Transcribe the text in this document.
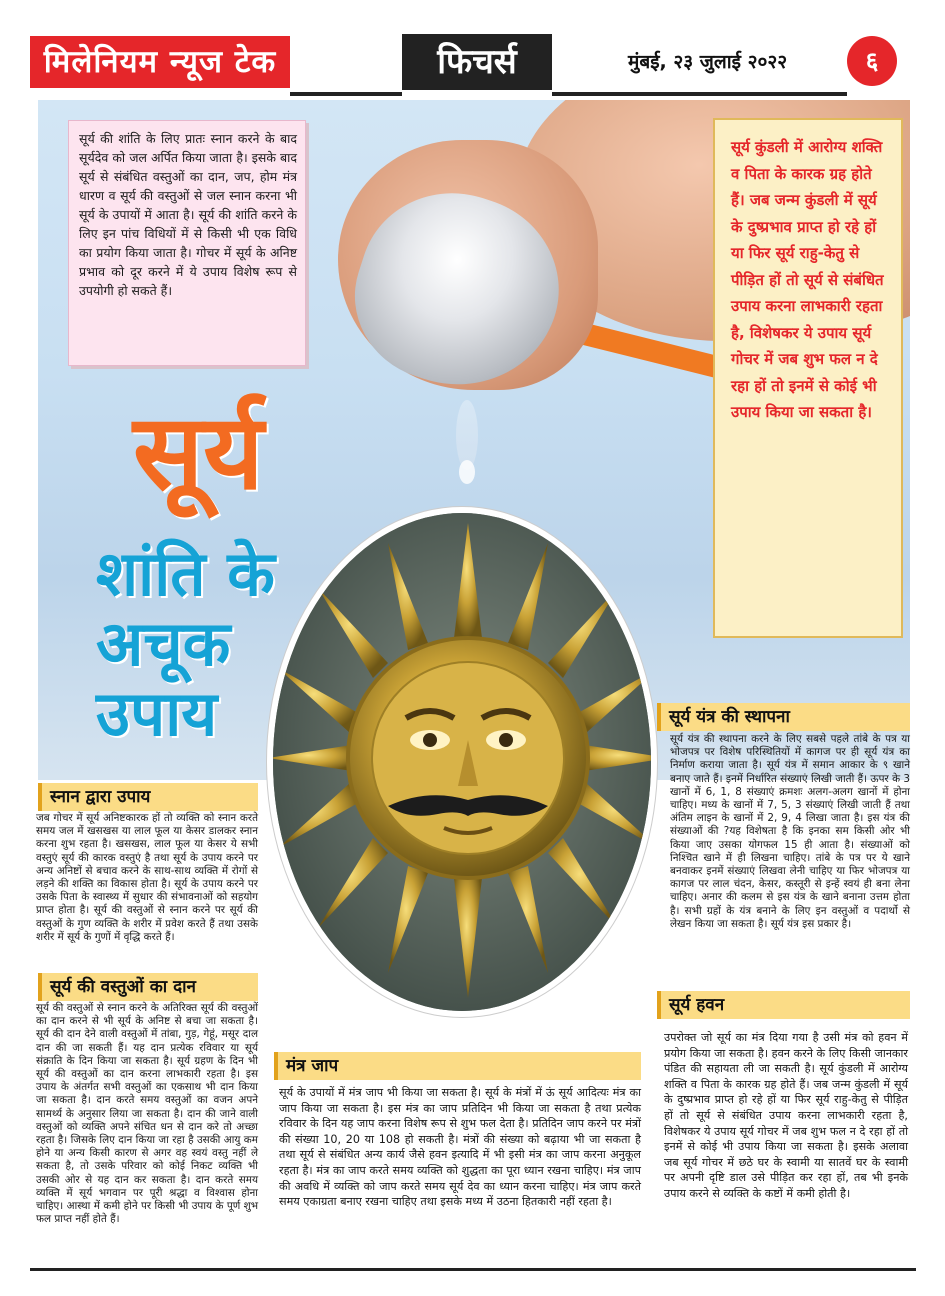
मिलेनियम न्यूज टेक	फिचर्स	मुंबई, २३ जुलाई २०२२	६

सूर्य की शांति के लिए प्रातः स्नान करने के बाद सूर्यदेव को जल अर्पित किया जाता है। इसके बाद सूर्य से संबंधित वस्तुओं का दान, जप, होम मंत्र धारण व सूर्य की वस्तुओं से जल स्नान करना भी सूर्य के उपायों में आता है। सूर्य की शांति करने के लिए इन पांच विधियों में से किसी भी एक विधि का प्रयोग किया जाता है। गोचर में सूर्य के अनिष्ट प्रभाव को दूर करने में ये उपाय विशेष रूप से उपयोगी हो सकते हैं।

सूर्य
शांति के
अचूक
उपाय

सूर्य कुंडली में आरोग्य शक्ति व पिता के कारक ग्रह होते हैं। जब जन्म कुंडली में सूर्य के दुष्प्रभाव प्राप्त हो रहे हों या फिर सूर्य राहु-केतु से पीड़ित हों तो सूर्य से संबंधित उपाय करना लाभकारी रहता है, विशेषकर ये उपाय सूर्य गोचर में जब शुभ फल न दे रहा हों तो इनमें से कोई भी उपाय किया जा सकता है।

स्नान द्वारा उपाय
जब गोचर में सूर्य अनिष्टकारक हों तो व्यक्ति को स्नान करते समय जल में खसखस या लाल फूल या केसर डालकर स्नान करना शुभ रहता है। खसखस, लाल फूल या केसर ये सभी वस्तुएं सूर्य की कारक वस्तुएं है तथा सूर्य के उपाय करने पर अन्य अनिष्टों से बचाव करने के साथ-साथ व्यक्ति में रोगों से लड़ने की शक्ति का विकास होता है। सूर्य के उपाय करने पर उसके पिता के स्वास्थ्य में सुधार की संभावनाओं को सहयोग प्राप्त होता है। सूर्य की वस्तुओं से स्नान करने पर सूर्य की वस्तुओं के गुण व्यक्ति के शरीर में प्रवेश करते हैं तथा उसके शरीर में सूर्य के गुणों में वृद्धि करते हैं।
सूर्य की वस्तुओं का दान
सूर्य की वस्तुओं से स्नान करने के अतिरिक्त सूर्य की वस्तुओं का दान करने से भी सूर्य के अनिष्ट से बचा जा सकता है। सूर्य की दान देने वाली वस्तुओं में तांबा, गुड़, गेहूं, मसूर दाल दान की जा सकती हैं। यह दान प्रत्येक रविवार या सूर्य संक्राति के दिन किया जा सकता है। सूर्य ग्रहण के दिन भी सूर्य की वस्तुओं का दान करना लाभकारी रहता है। इस उपाय के अंतर्गत सभी वस्तुओं का एकसाथ भी दान किया जा सकता है। दान करते समय वस्तुओं का वजन अपने सामर्थ्य के अनुसार लिया जा सकता है। दान की जाने वाली वस्तुओं को व्यक्ति अपने संचित धन से दान करे तो अच्छा रहता है। जिसके लिए दान किया जा रहा है उसकी आयु कम होने या अन्य किसी कारण से अगर वह स्वयं वस्तु नहीं ले सकता है, तो उसके परिवार को कोई निकट व्यक्ति भी उसकी ओर से यह दान कर सकता है। दान करते समय व्यक्ति में सूर्य भगवान पर पूरी श्रद्धा व विश्वास होना चाहिए। आस्था में कमी होने पर किसी भी उपाय के पूर्ण शुभ फल प्राप्त नहीं होते हैं।
सूर्य यंत्र की स्थापना
सूर्य यंत्र की स्थापना करने के लिए सबसे पहले तांबे के पत्र या भोजपत्र पर विशेष परिस्थितियों में कागज पर ही सूर्य यंत्र का निर्माण कराया जाता है। सूर्य यंत्र में समान आकार के ९ खाने बनाए जाते हैं। इनमें निर्धारित संख्याएं लिखी जाती हैं। ऊपर के 3 खानों में 6, 1, 8 संख्याएं क्रमशः अलग-अलग खानों में होना चाहिए। मध्य के खानों में 7, 5, 3 संख्याएं लिखी जाती हैं तथा अंतिम लाइन के खानों में 2, 9, 4 लिखा जाता है। इस यंत्र की संख्याओं की ?यह विशेषता है कि इनका सम किसी ओर भी किया जाए उसका योगफल 15 ही आता है। संख्याओं को निश्चित खाने में ही लिखना चाहिए। तांबे के पत्र पर ये खाने बनवाकर इनमें संख्याएं लिखवा लेनी चाहिए या फिर भोजपत्र या कागज पर लाल चंदन, केसर, कस्तूरी से इन्हें स्वयं ही बना लेना चाहिए। अनार की कलम से इस यंत्र के खाने बनाना उत्तम होता है। सभी ग्रहों के यंत्र बनाने के लिए इन वस्तुओं व पदार्थो से लेखन किया जा सकता है। सूर्य यंत्र इस प्रकार है।
सूर्य हवन
उपरोक्त जो सूर्य का मंत्र दिया गया है उसी मंत्र को हवन में प्रयोग किया जा सकता है। हवन करने के लिए किसी जानकार पंडित की सहायता ली जा सकती है। सूर्य कुंडली में आरोग्य शक्ति व पिता के कारक ग्रह होते हैं। जब जन्म कुंडली में सूर्य के दुष्प्रभाव प्राप्त हो रहे हों या फिर सूर्य राहु-केतु से पीड़ित हों तो सूर्य से संबंधित उपाय करना लाभकारी रहता है, विशेषकर ये उपाय सूर्य गोचर में जब शुभ फल न दे रहा हों तो इनमें से कोई भी उपाय किया जा सकता है। इसके अलावा जब सूर्य गोचर में छठे घर के स्वामी या सातवें घर के स्वामी पर अपनी दृष्टि डाल उसे पीड़ित कर रहा हों, तब भी इनके उपाय करने से व्यक्ति के कष्टों में कमी होती है।
मंत्र जाप
सूर्य के उपायों में मंत्र जाप भी किया जा सकता है। सूर्य के मंत्रों में ऊं सूर्य आदित्यः मंत्र का जाप किया जा सकता है। इस मंत्र का जाप प्रतिदिन भी किया जा सकता है तथा प्रत्येक रविवार के दिन यह जाप करना विशेष रूप से शुभ फल देता है। प्रतिदिन जाप करने पर मंत्रों की संख्या 10, 20 या 108 हो सकती है। मंत्रों की संख्या को बढ़ाया भी जा सकता है तथा सूर्य से संबंधित अन्य कार्य जैसे हवन इत्यादि में भी इसी मंत्र का जाप करना अनुकूल रहता है। मंत्र का जाप करते समय व्यक्ति को शुद्धता का पूरा ध्यान रखना चाहिए। मंत्र जाप की अवधि में व्यक्ति को जाप करते समय सूर्य देव का ध्यान करना चाहिए। मंत्र जाप करते समय एकाग्रता बनाए रखना चाहिए तथा इसके मध्य में उठना हितकारी नहीं रहता है।
